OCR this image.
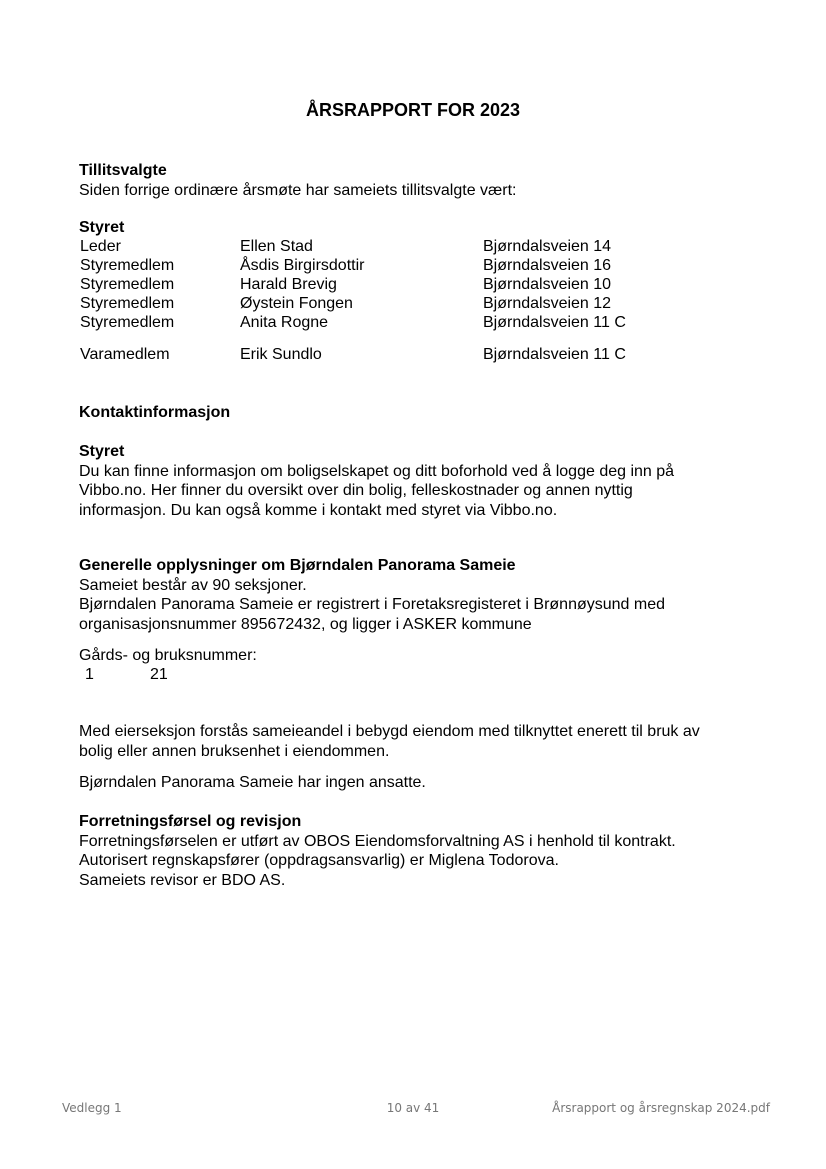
ÅRSRAPPORT FOR 2023
Tillitsvalgte
Siden forrige ordinære årsmøte har sameiets tillitsvalgte vært:
Styret
Leder	Ellen Stad	Bjørndalsveien 14
Styremedlem	Åsdis Birgirsdottir	Bjørndalsveien 16
Styremedlem	Harald Brevig	Bjørndalsveien 10
Styremedlem	Øystein Fongen	Bjørndalsveien 12
Styremedlem	Anita Rogne	Bjørndalsveien 11 C
Varamedlem	Erik Sundlo	Bjørndalsveien 11 C
Kontaktinformasjon
Styret
Du kan finne informasjon om boligselskapet og ditt boforhold ved å logge deg inn på
Vibbo.no. Her finner du oversikt over din bolig, felleskostnader og annen nyttig
informasjon. Du kan også komme i kontakt med styret via Vibbo.no.
Generelle opplysninger om Bjørndalen Panorama Sameie
Sameiet består av 90 seksjoner.
Bjørndalen Panorama Sameie er registrert i Foretaksregisteret i Brønnøysund med
organisasjonsnummer 895672432, og ligger i ASKER kommune
Gårds- og bruksnummer:
1	21
Med eierseksjon forstås sameieandel i bebygd eiendom med tilknyttet enerett til bruk av
bolig eller annen bruksenhet i eiendommen.
Bjørndalen Panorama Sameie har ingen ansatte.
Forretningsførsel og revisjon
Forretningsførselen er utført av OBOS Eiendomsforvaltning AS i henhold til kontrakt.
Autorisert regnskapsfører (oppdragsansvarlig) er Miglena Todorova.
Sameiets revisor er BDO AS.
Vedlegg 1	10 av 41	Årsrapport og årsregnskap 2024.pdf
